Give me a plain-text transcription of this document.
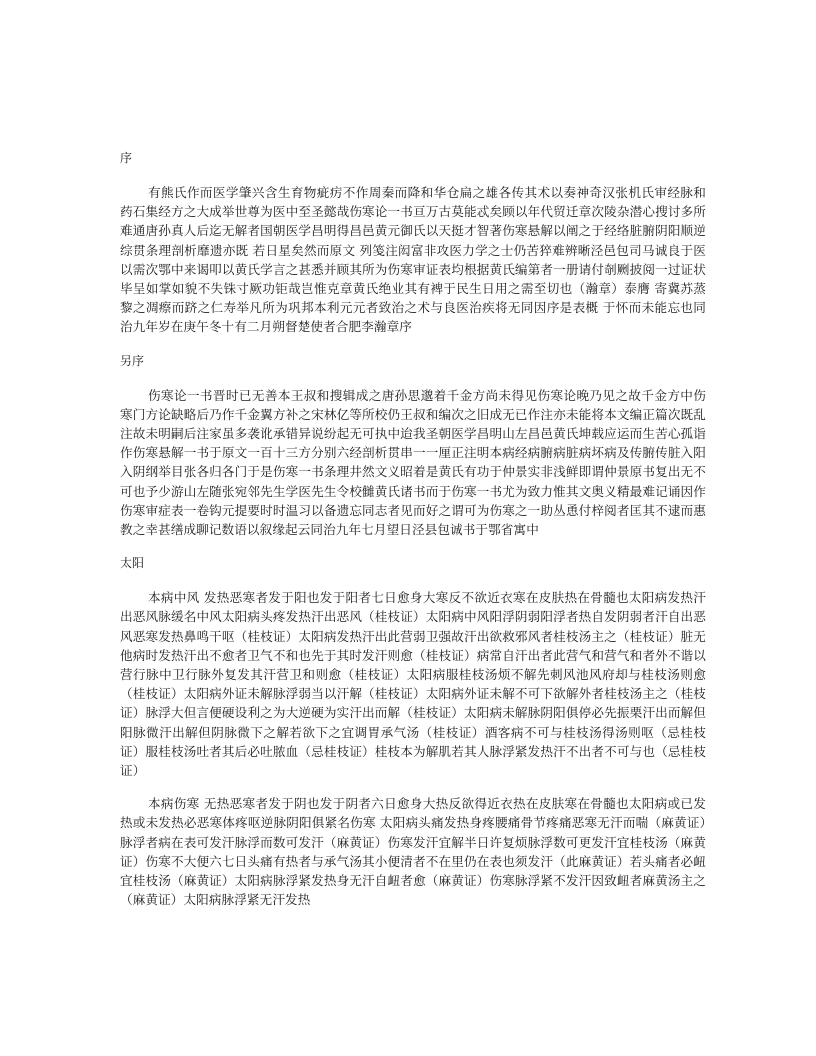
序

有熊氏作而医学肇兴含生育物疵疠不作周秦而降和华仓扁之雄各传其术以奏神奇汉张机氏审经脉和药石集经方之大成举世尊为医中至圣懿哉伤寒论一书亘万古莫能忒矣顾以年代贸迁章次陵杂潜心搜讨多所难通唐孙真人后迄无解者国朝医学昌明得昌邑黄元御氏以天挺才智著伤寒悬解以阐之于经络脏腑阴阳顺逆综贯条理剖析靡遗亦既 若日星矣然而原文 列笺注闳富非攻医力学之士仍苦猝难辨晰泾邑包司马诚良于医以需次鄂中来谒叩以黄氏学言之甚悉并顾其所为伤寒审证表均根据黄氏编第者一册请付剞劂披阅一过证状毕呈如掌如貌不失铢寸厥功钜哉岂惟克章黄氏绝业其有裨于民生日用之需至切也（瀚章）泰膺 寄冀苏蒸黎之凋瘵而跻之仁寿举凡所为巩邦本利元元者致治之术与良医治疾将无同因序是表概 于怀而未能忘也同治九年岁在庚午冬十有二月朔督楚使者合肥李瀚章序

另序

伤寒论一书晋时已无善本王叔和搜辑成之唐孙思邈着千金方尚未得见伤寒论晚乃见之故千金方中伤寒门方论缺略后乃作千金翼方补之宋林亿等所校仍王叔和编次之旧成无已作注亦未能将本文编正篇次既乱注故未明嗣后注家虽多袭讹承错异说纷起无可执中迨我圣朝医学昌明山左昌邑黄氏坤载应运而生苦心孤诣作伤寒悬解一书于原文一百十三方分别六经剖析贯串一一厘正注明本病经病腑病脏病坏病及传腑传脏入阳入阴纲举目张各归各门于是伤寒一书条理井然文义昭着是黄氏有功于仲景实非浅鲜即谓仲景原书复出无不可也予少游山左随张宛邻先生学医先生令校雠黄氏诸书而于伤寒一书尤为致力惟其文奥义精最难记诵因作伤寒审症表一卷钩元提要时时温习以备遗忘同志者见而好之谓可为伤寒之一助丛恿付梓阅者匡其不逮而惠教之幸甚缮成聊记数语以叙缘起云同治九年七月望日泾县包诚书于鄂省寓中

太阳

本病中风 发热恶寒者发于阳也发于阳者七日愈身大寒反不欲近衣寒在皮肤热在骨髓也太阳病发热汗出恶风脉缓名中风太阳病头疼发热汗出恶风（桂枝证）太阳病中风阳浮阴弱阳浮者热自发阴弱者汗自出恶风恶寒发热鼻鸣干呕（桂枝证）太阳病发热汗出此营弱卫强故汗出欲救邪风者桂枝汤主之（桂枝证）脏无他病时发热汗出不愈者卫气不和也先于其时发汗则愈（桂枝证）病常自汗出者此营气和营气和者外不谐以营行脉中卫行脉外复发其汗营卫和则愈（桂枝证）太阳病服桂枝汤烦不解先刺风池风府却与桂枝汤则愈（桂枝证）太阳病外证未解脉浮弱当以汗解（桂枝证）太阳病外证未解不可下欲解外者桂枝汤主之（桂枝证）脉浮大但言便硬设利之为大逆硬为实汗出而解（桂枝证）太阳病未解脉阴阳俱停必先振栗汗出而解但阳脉微汗出解但阴脉微下之解若欲下之宜调胃承气汤（桂枝证）酒客病不可与桂枝汤得汤则呕（忌桂枝证）服桂枝汤吐者其后必吐脓血（忌桂枝证）桂枝本为解肌若其人脉浮紧发热汗不出者不可与也（忌桂枝证）

本病伤寒 无热恶寒者发于阴也发于阴者六日愈身大热反欲得近衣热在皮肤寒在骨髓也太阳病或已发热或未发热必恶寒体疼呕逆脉阴阳俱紧名伤寒 太阳病头痛发热身疼腰痛骨节疼痛恶寒无汗而喘（麻黄证）脉浮者病在表可发汗脉浮而数可发汗（麻黄证）伤寒发汗宜解半日许复烦脉浮数可更发汗宜桂枝汤（麻黄证）伤寒不大便六七日头痛有热者与承气汤其小便清者不在里仍在表也须发汗（此麻黄证）若头痛者必衄宜桂枝汤（麻黄证）太阳病脉浮紧发热身无汗自衄者愈（麻黄证）伤寒脉浮紧不发汗因致衄者麻黄汤主之（麻黄证）太阳病脉浮紧无汗发热
